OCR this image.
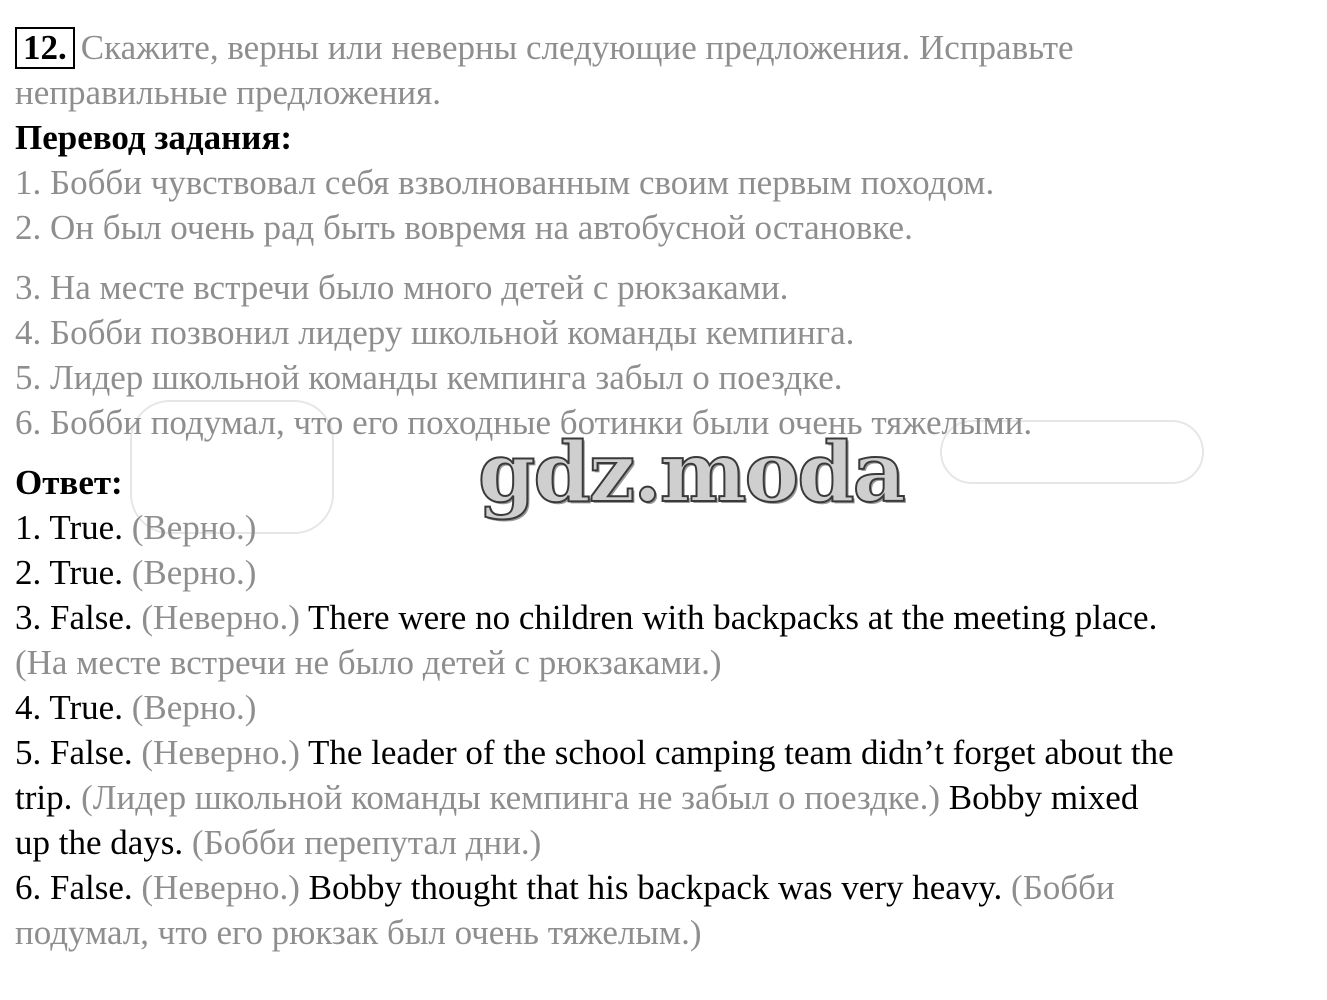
12. Скажите, верны или неверны следующие предложения. Исправьте
неправильные предложения.
Перевод задания:
1. Бобби чувствовал себя взволнованным своим первым походом.
2. Он был очень рад быть вовремя на автобусной остановке.
3. На месте встречи было много детей с рюкзаками.
4. Бобби позвонил лидеру школьной команды кемпинга.
5. Лидер школьной команды кемпинга забыл о поездке.
6. Бобби подумал, что его походные ботинки были очень тяжелыми.
Ответ:
1. True. (Верно.)
2. True. (Верно.)
3. False. (Неверно.) There were no children with backpacks at the meeting place.
(На месте встречи не было детей с рюкзаками.)
4. True. (Верно.)
5. False. (Неверно.) The leader of the school camping team didn’t forget about the
trip. (Лидер школьной команды кемпинга не забыл о поездке.) Bobby mixed
up the days. (Бобби перепутал дни.)
6. False. (Неверно.) Bobby thought that his backpack was very heavy. (Бобби
подумал, что его рюкзак был очень тяжелым.)
gdz.moda
